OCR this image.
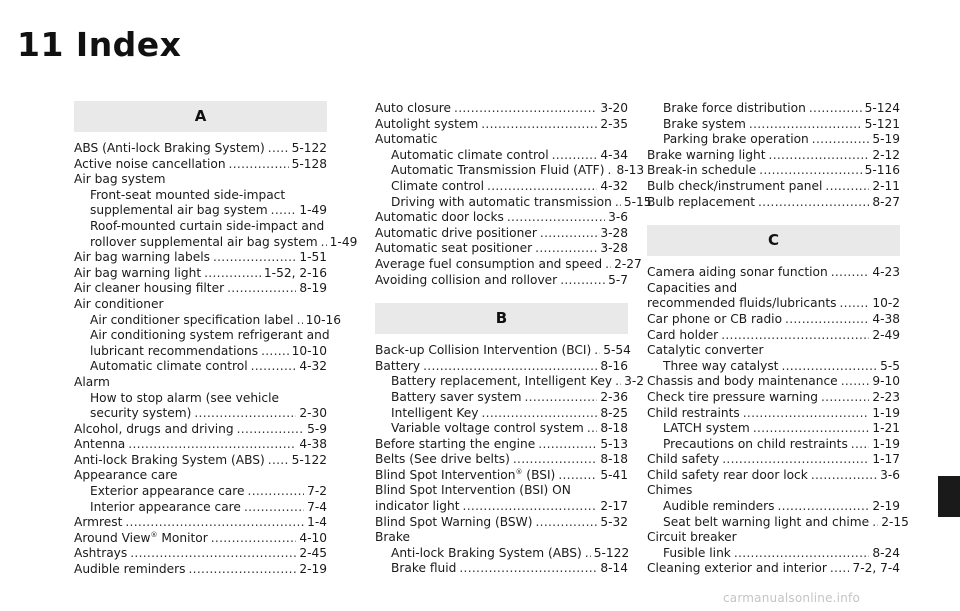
11 Index
A
ABS (Anti-lock Braking System) ..... 5-122
Active noise cancellation .....	5-128
Air bag system
Front-seat mounted side-impact
supplemental air bag system .....	1-49
Roof-mounted curtain side-impact and
rollover supplemental air bag system ..... 1-49
Air bag warning labels .....	1-51
Air bag warning light .....	1-52, 2-16
Air cleaner housing filter .....	8-19
Air conditioner
Air conditioner specification label ..... 10-16
Air conditioning system refrigerant and
lubricant recommendations .....	10-10
Automatic climate control .....	4-32
Alarm
How to stop alarm (see vehicle
security system) .....	2-30
Alcohol, drugs and driving .....	5-9
Antenna .....	4-38
Anti-lock Braking System (ABS) ..... 5-122
Appearance care
Exterior appearance care .....	7-2
Interior appearance care .....	7-4
Armrest .....	1-4
Around View® Monitor .....	4-10
Ashtrays .....	2-45
Audible reminders .....	2-19
Auto closure .....	3-20
Autolight system .....	2-35
Automatic
Automatic climate control .....	4-34
Automatic Transmission Fluid (ATF) ..... 8-13
Climate control .....	4-32
Driving with automatic transmission ..... 5-15
Automatic door locks .....	3-6
Automatic drive positioner .....	3-28
Automatic seat positioner .....	3-28
Average fuel consumption and speed ..... 2-27
Avoiding collision and rollover .....	5-7
B
Back-up Collision Intervention (BCI) ..... 5-54
Battery .....	8-16
Battery replacement, Intelligent Key ..... 3-2
Battery saver system .....	2-36
Intelligent Key .....	8-25
Variable voltage control system ..... 8-18
Before starting the engine .....	5-13
Belts (See drive belts) .....	8-18
Blind Spot Intervention® (BSI) .....	5-41
Blind Spot Intervention (BSI) ON
indicator light .....	2-17
Blind Spot Warning (BSW) .....	5-32
Brake
Anti-lock Braking System (ABS) ..... 5-122
Brake fluid .....	8-14
Brake force distribution .....	5-124
Brake system .....	5-121
Parking brake operation .....	5-19
Brake warning light .....	2-12
Break-in schedule .....	5-116
Bulb check/instrument panel .....	2-11
Bulb replacement .....	8-27
C
Camera aiding sonar function .....	4-23
Capacities and
recommended fluids/lubricants .....	10-2
Car phone or CB radio .....	4-38
Card holder .....	2-49
Catalytic converter
Three way catalyst .....	5-5
Chassis and body maintenance .....	9-10
Check tire pressure warning .....	2-23
Child restraints .....	1-19
LATCH system .....	1-21
Precautions on child restraints ..... 1-19
Child safety .....	1-17
Child safety rear door lock .....	3-6
Chimes
Audible reminders .....	2-19
Seat belt warning light and chime ..... 2-15
Circuit breaker
Fusible link .....	8-24
Cleaning exterior and interior ..... 7-2, 7-4
carmanualsonline.info
